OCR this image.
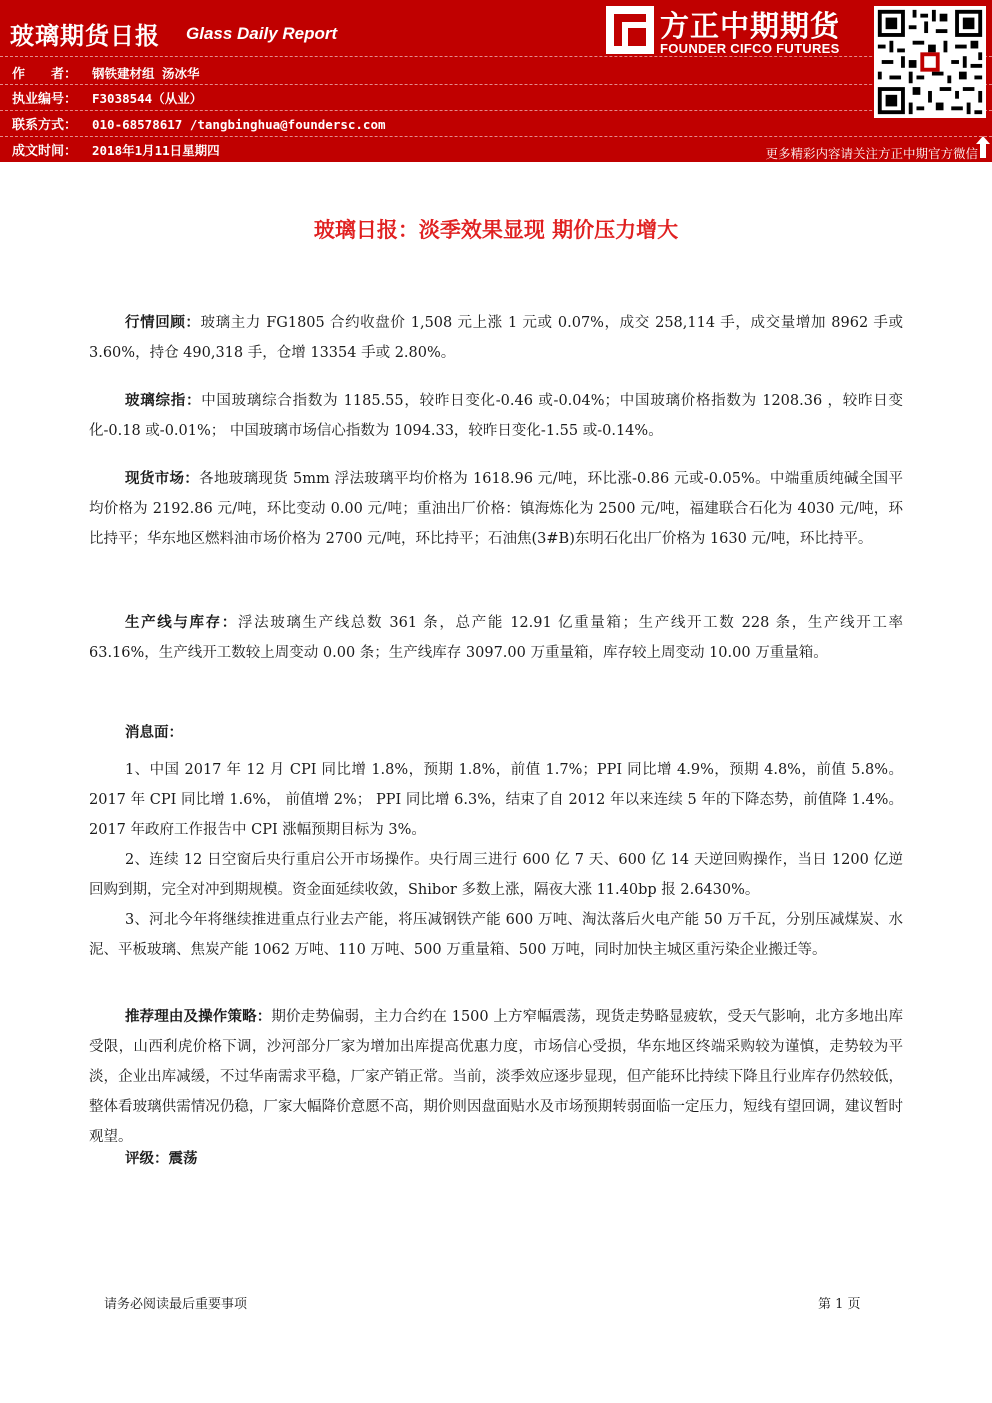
玻璃期货日报 Glass Daily Report
作　　者： 钢铁建材组 汤冰华
执业编号： F3038544（从业）
联系方式： 010-68578617 /tangbinghua@foundersc.com
成文时间： 2018年1月11日星期四
方正中期期货
FOUNDER CIFCO FUTURES
更多精彩内容请关注方正中期官方微信
玻璃日报：淡季效果显现 期价压力增大

行情回顾：玻璃主力 FG1805 合约收盘价 1,508 元上涨 1 元或 0.07%，成交 258,114 手，成交量增加 8962 手或 3.60%，持仓 490,318 手，仓增 13354 手或 2.80%。

玻璃综指：中国玻璃综合指数为 1185.55，较昨日变化-0.46 或-0.04%；中国玻璃价格指数为 1208.36 ，较昨日变化-0.18 或-0.01%； 中国玻璃市场信心指数为 1094.33，较昨日变化-1.55 或-0.14%。

现货市场：各地玻璃现货 5mm 浮法玻璃平均价格为 1618.96 元/吨，环比涨-0.86 元或-0.05%。中端重质纯碱全国平均价格为 2192.86 元/吨，环比变动 0.00 元/吨；重油出厂价格：镇海炼化为 2500 元/吨，福建联合石化为 4030 元/吨，环比持平；华东地区燃料油市场价格为 2700 元/吨，环比持平；石油焦(3#B)东明石化出厂价格为 1630 元/吨，环比持平。

生产线与库存：浮法玻璃生产线总数 361 条，总产能 12.91 亿重量箱；生产线开工数 228 条，生产线开工率 63.16%，生产线开工数较上周变动 0.00 条；生产线库存 3097.00 万重量箱，库存较上周变动 10.00 万重量箱。

消息面：

1、中国 2017 年 12 月 CPI 同比增 1.8%，预期 1.8%，前值 1.7%；PPI 同比增 4.9%，预期 4.8%，前值 5.8%。2017 年 CPI 同比增 1.6%， 前值增 2%； PPI 同比增 6.3%，结束了自 2012 年以来连续 5 年的下降态势，前值降 1.4%。2017 年政府工作报告中 CPI 涨幅预期目标为 3%。

2、连续 12 日空窗后央行重启公开市场操作。央行周三进行 600 亿 7 天、600 亿 14 天逆回购操作，当日 1200 亿逆回购到期，完全对冲到期规模。资金面延续收敛，Shibor 多数上涨，隔夜大涨 11.40bp 报 2.6430%。

3、河北今年将继续推进重点行业去产能，将压减钢铁产能 600 万吨、淘汰落后火电产能 50 万千瓦，分别压减煤炭、水泥、平板玻璃、焦炭产能 1062 万吨、110 万吨、500 万重量箱、500 万吨，同时加快主城区重污染企业搬迁等。

推荐理由及操作策略：期价走势偏弱，主力合约在 1500 上方窄幅震荡，现货走势略显疲软，受天气影响，北方多地出库受限，山西利虎价格下调，沙河部分厂家为增加出库提高优惠力度，市场信心受损，华东地区终端采购较为谨慎，走势较为平淡，企业出库减缓，不过华南需求平稳，厂家产销正常。当前，淡季效应逐步显现，但产能环比持续下降且行业库存仍然较低，整体看玻璃供需情况仍稳，厂家大幅降价意愿不高，期价则因盘面贴水及市场预期转弱面临一定压力，短线有望回调，建议暂时观望。

评级：震荡

请务必阅读最后重要事项	第 1 页
